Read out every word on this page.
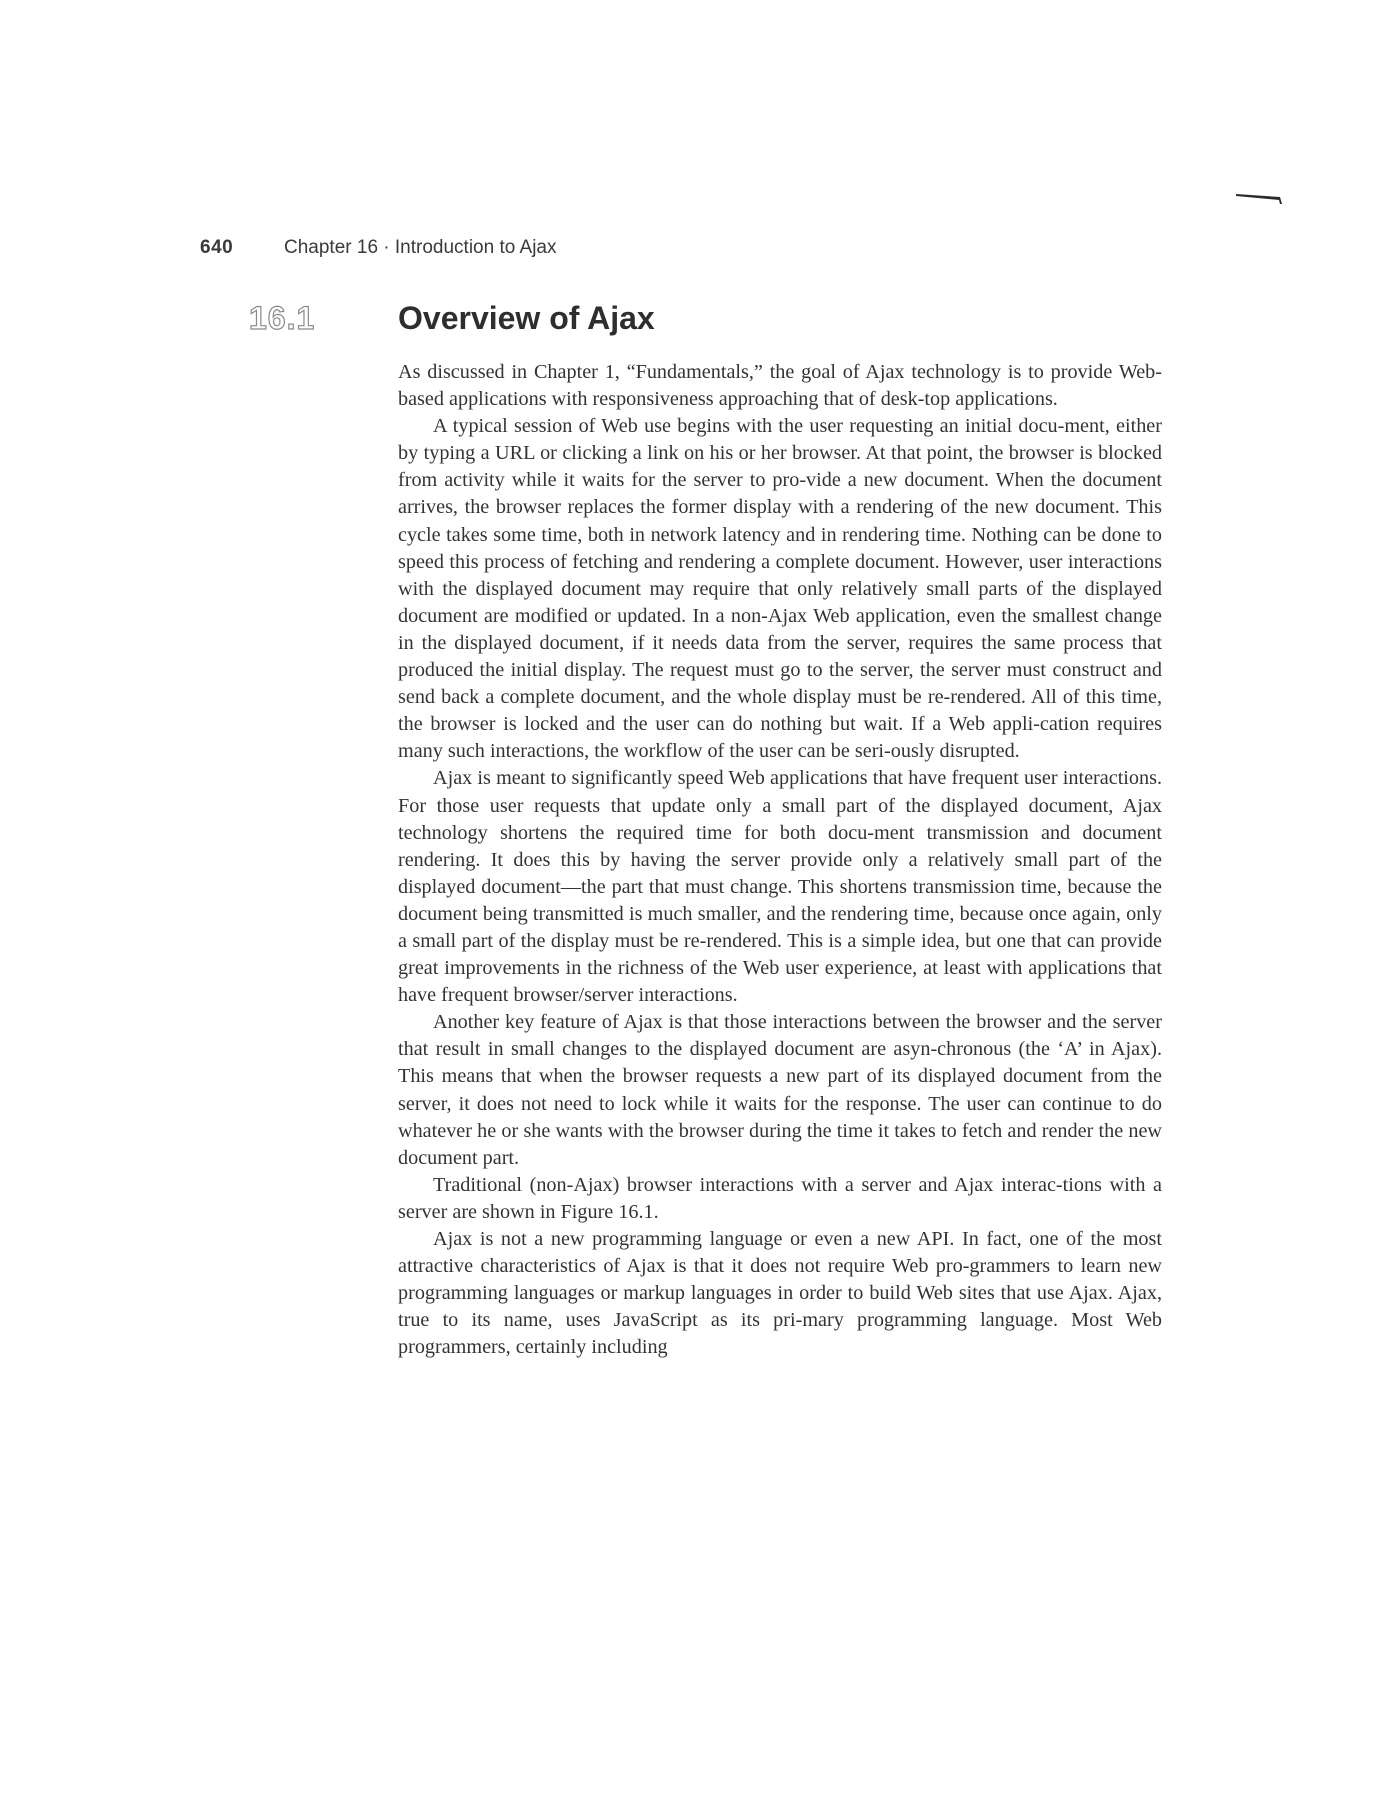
640	Chapter 16 · Introduction to Ajax
16.1	Overview of Ajax

As discussed in Chapter 1, “Fundamentals,” the goal of Ajax technology is to provide Web-based applications with responsiveness approaching that of desk-top applications.

A typical session of Web use begins with the user requesting an initial docu-ment, either by typing a URL or clicking a link on his or her browser. At that point, the browser is blocked from activity while it waits for the server to pro-vide a new document. When the document arrives, the browser replaces the former display with a rendering of the new document. This cycle takes some time, both in network latency and in rendering time. Nothing can be done to speed this process of fetching and rendering a complete document. However, user interactions with the displayed document may require that only relatively small parts of the displayed document are modified or updated. In a non-Ajax Web application, even the smallest change in the displayed document, if it needs data from the server, requires the same process that produced the initial display. The request must go to the server, the server must construct and send back a complete document, and the whole display must be re-rendered. All of this time, the browser is locked and the user can do nothing but wait. If a Web appli-cation requires many such interactions, the workflow of the user can be seri-ously disrupted.

Ajax is meant to significantly speed Web applications that have frequent user interactions. For those user requests that update only a small part of the displayed document, Ajax technology shortens the required time for both docu-ment transmission and document rendering. It does this by having the server provide only a relatively small part of the displayed document—the part that must change. This shortens transmission time, because the document being transmitted is much smaller, and the rendering time, because once again, only a small part of the display must be re-rendered. This is a simple idea, but one that can provide great improvements in the richness of the Web user experience, at least with applications that have frequent browser/server interactions.

Another key feature of Ajax is that those interactions between the browser and the server that result in small changes to the displayed document are asyn-chronous (the ‘A’ in Ajax). This means that when the browser requests a new part of its displayed document from the server, it does not need to lock while it waits for the response. The user can continue to do whatever he or she wants with the browser during the time it takes to fetch and render the new document part.

Traditional (non-Ajax) browser interactions with a server and Ajax interac-tions with a server are shown in Figure 16.1.

Ajax is not a new programming language or even a new API. In fact, one of the most attractive characteristics of Ajax is that it does not require Web pro-grammers to learn new programming languages or markup languages in order to build Web sites that use Ajax. Ajax, true to its name, uses JavaScript as its pri-mary programming language. Most Web programmers, certainly including
